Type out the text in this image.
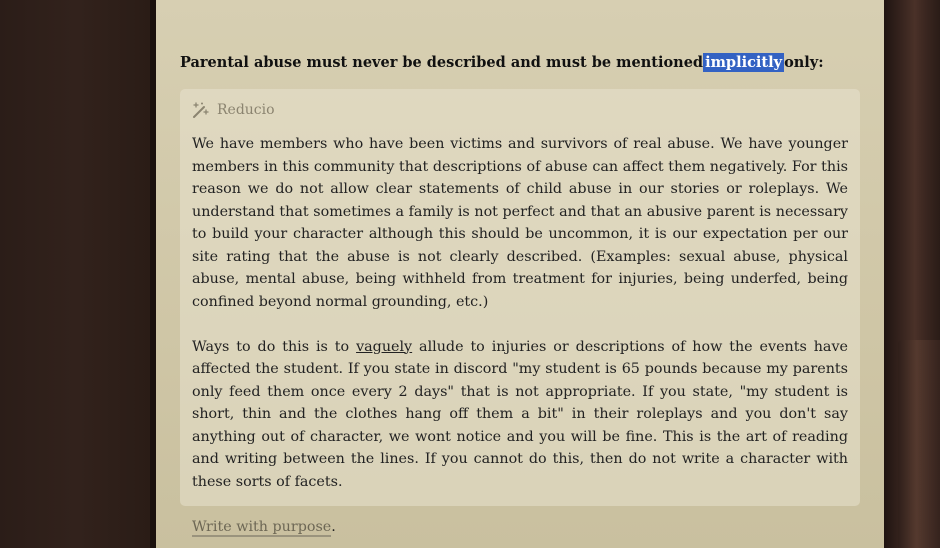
Parental abuse must never be described and must be mentioned implicitly only:
Reducio

We have members who have been victims and survivors of real abuse. We have younger members in this community that descriptions of abuse can affect them negatively. For this reason we do not allow clear statements of child abuse in our stories or roleplays. We understand that sometimes a family is not perfect and that an abusive parent is necessary to build your character although this should be uncommon, it is our expectation per our site rating that the abuse is not clearly described. (Examples: sexual abuse, physical abuse, mental abuse, being withheld from treatment for injuries, being underfed, being confined beyond normal grounding, etc.)

Ways to do this is to vaguely allude to injuries or descriptions of how the events have affected the student. If you state in discord "my student is 65 pounds because my parents only feed them once every 2 days" that is not appropriate. If you state, "my student is short, thin and the clothes hang off them a bit" in their roleplays and you don't say anything out of character, we wont notice and you will be fine. This is the art of reading and writing between the lines. If you cannot do this, then do not write a character with these sorts of facets.

Write with purpose.
